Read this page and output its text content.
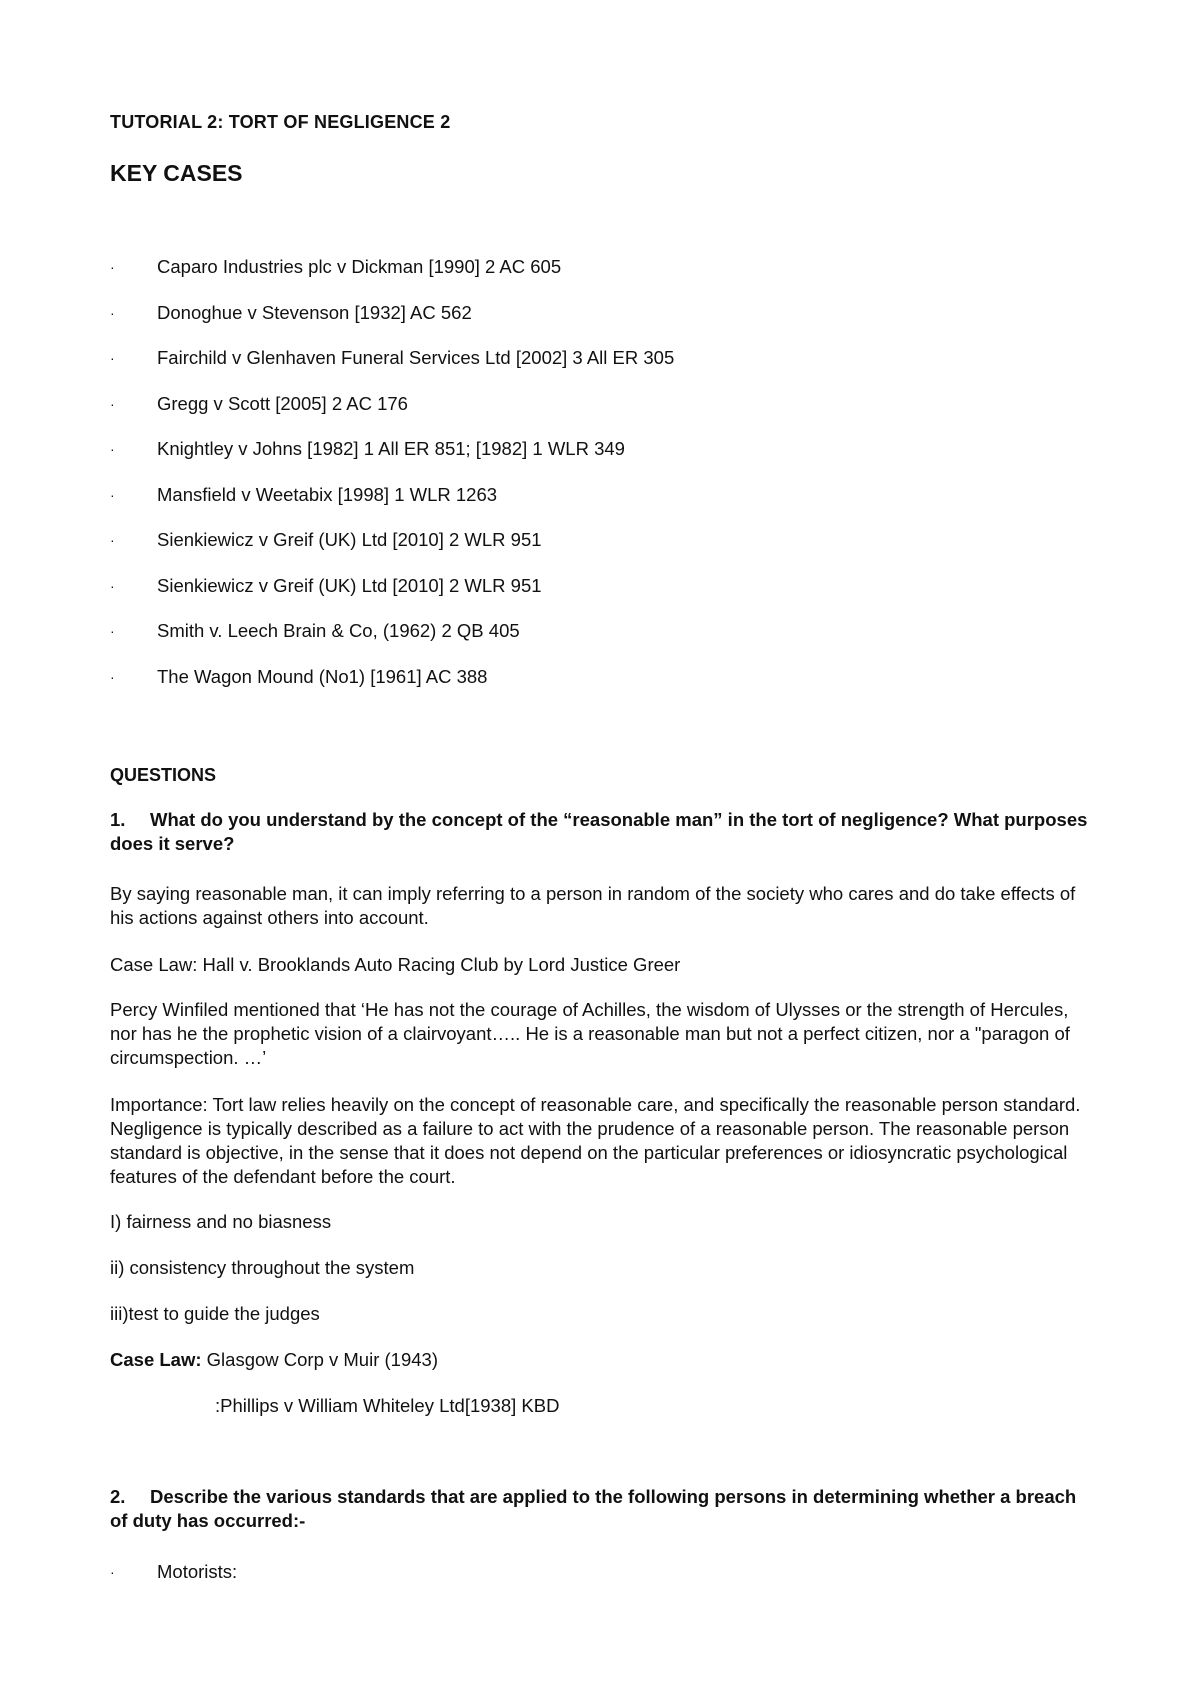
TUTORIAL 2: TORT OF NEGLIGENCE 2
KEY CASES
·	Caparo Industries plc v Dickman [1990] 2 AC 605
·	Donoghue v Stevenson [1932] AC 562
·	Fairchild v Glenhaven Funeral Services Ltd [2002] 3 All ER 305
·	Gregg v Scott [2005] 2 AC 176
·	Knightley v Johns [1982] 1 All ER 851; [1982] 1 WLR 349
·	Mansfield v Weetabix [1998] 1 WLR 1263
·	Sienkiewicz v Greif (UK) Ltd [2010] 2 WLR 951
·	Sienkiewicz v Greif (UK) Ltd [2010] 2 WLR 951
·	Smith v. Leech Brain & Co, (1962) 2 QB 405
·	The Wagon Mound (No1) [1961] AC 388
QUESTIONS

1. What do you understand by the concept of the “reasonable man” in the tort of negligence? What purposes does it serve?

By saying reasonable man, it can imply referring to a person in random of the society who cares and do take effects of his actions against others into account.

Case Law: Hall v. Brooklands Auto Racing Club by Lord Justice Greer

Percy Winfiled mentioned that ‘He has not the courage of Achilles, the wisdom of Ulysses or the strength of Hercules, nor has he the prophetic vision of a clairvoyant….. He is a reasonable man but not a perfect citizen, nor a "paragon of circumspection. …’

Importance: Tort law relies heavily on the concept of reasonable care, and specifically the reasonable person standard. Negligence is typically described as a failure to act with the prudence of a reasonable person. The reasonable person standard is objective, in the sense that it does not depend on the particular preferences or idiosyncratic psychological features of the defendant before the court.

I) fairness and no biasness

ii) consistency throughout the system

iii)test to guide the judges

Case Law: Glasgow Corp v Muir (1943)

:Phillips v William Whiteley Ltd[1938] KBD

2. Describe the various standards that are applied to the following persons in determining whether a breach of duty has occurred:-

·	Motorists:
